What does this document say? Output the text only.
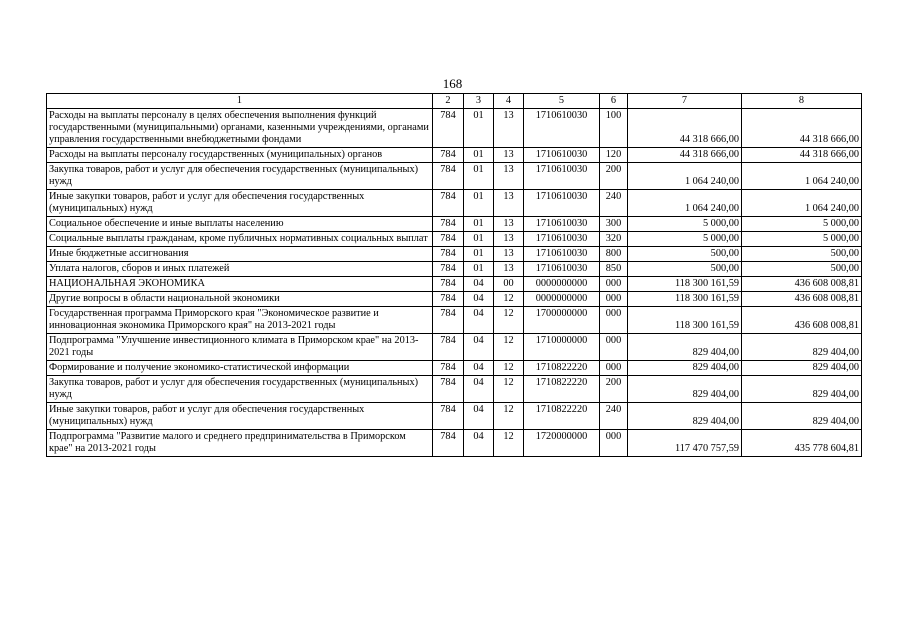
168
1	2	3	4	5	6	7	8
Расходы на выплаты персоналу в целях обеспечения выполнения функций государственными (муниципальными) органами, казенными учреждениями, органами управления государственными внебюджетными фондами	784	01	13	1710610030	100	44 318 666,00	44 318 666,00
Расходы на выплаты персоналу государственных (муниципальных) органов	784	01	13	1710610030	120	44 318 666,00	44 318 666,00
Закупка товаров, работ и услуг для обеспечения государственных (муниципальных) нужд	784	01	13	1710610030	200	1 064 240,00	1 064 240,00
Иные закупки товаров, работ и услуг для обеспечения государственных (муниципальных) нужд	784	01	13	1710610030	240	1 064 240,00	1 064 240,00
Социальное обеспечение и иные выплаты населению	784	01	13	1710610030	300	5 000,00	5 000,00
Социальные выплаты гражданам, кроме публичных нормативных социальных выплат	784	01	13	1710610030	320	5 000,00	5 000,00
Иные бюджетные ассигнования	784	01	13	1710610030	800	500,00	500,00
Уплата налогов, сборов и иных платежей	784	01	13	1710610030	850	500,00	500,00
НАЦИОНАЛЬНАЯ ЭКОНОМИКА	784	04	00	0000000000	000	118 300 161,59	436 608 008,81
Другие вопросы в области национальной экономики	784	04	12	0000000000	000	118 300 161,59	436 608 008,81
Государственная программа Приморского края "Экономическое развитие и инновационная экономика Приморского края" на 2013-2021 годы	784	04	12	1700000000	000	118 300 161,59	436 608 008,81
Подпрограмма "Улучшение инвестиционного климата в Приморском крае" на 2013-2021 годы	784	04	12	1710000000	000	829 404,00	829 404,00
Формирование и получение экономико-статистической информации	784	04	12	1710822220	000	829 404,00	829 404,00
Закупка товаров, работ и услуг для обеспечения государственных (муниципальных) нужд	784	04	12	1710822220	200	829 404,00	829 404,00
Иные закупки товаров, работ и услуг для обеспечения государственных (муниципальных) нужд	784	04	12	1710822220	240	829 404,00	829 404,00
Подпрограмма "Развитие малого и среднего предпринимательства в Приморском крае" на 2013-2021 годы	784	04	12	1720000000	000	117 470 757,59	435 778 604,81
